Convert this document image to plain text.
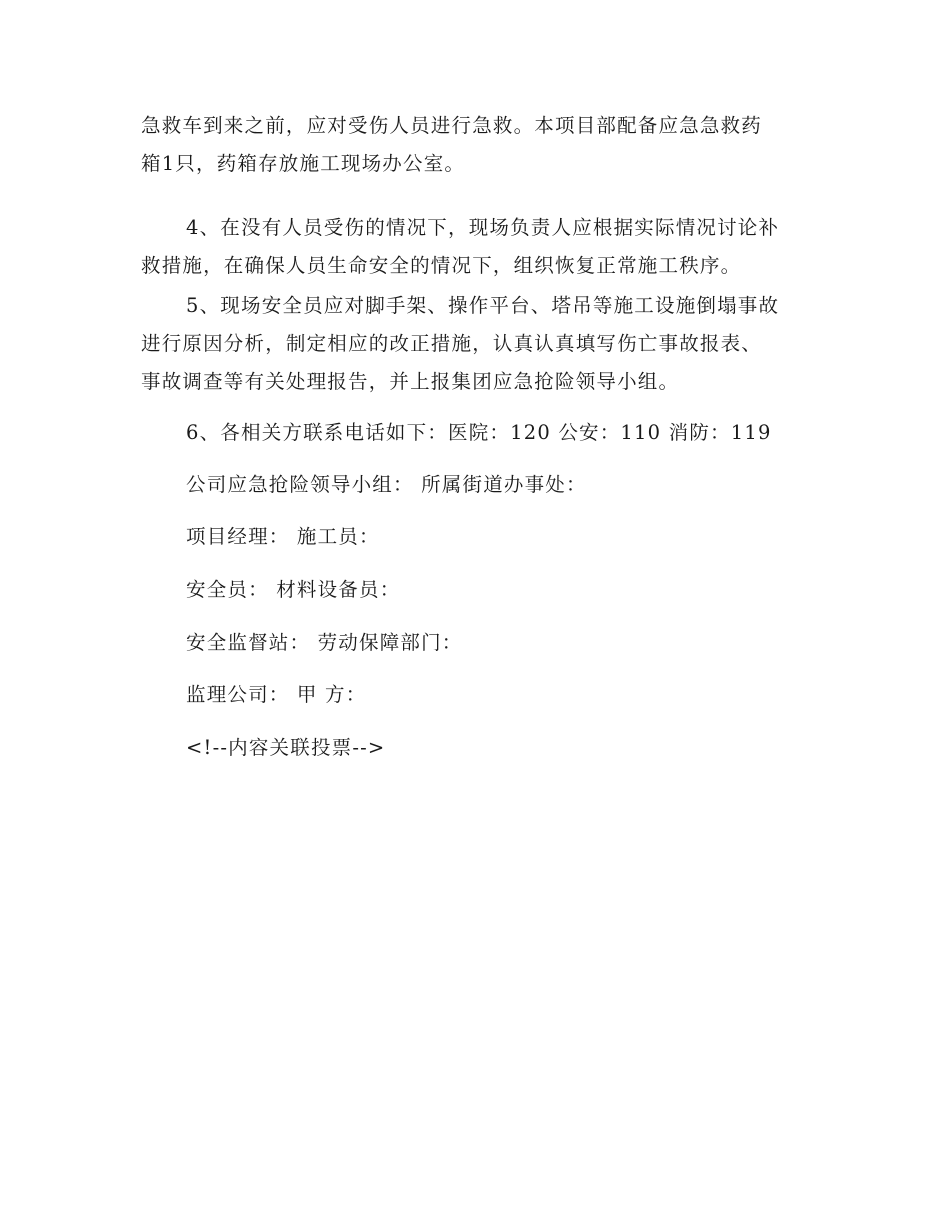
急救车到来之前，应对受伤人员进行急救。本项目部配备应急急救药
箱1只，药箱存放施工现场办公室。

4、在没有人员受伤的情况下，现场负责人应根据实际情况讨论补
救措施，在确保人员生命安全的情况下，组织恢复正常施工秩序。

5、现场安全员应对脚手架、操作平台、塔吊等施工设施倒塌事故
进行原因分析，制定相应的改正措施，认真认真填写伤亡事故报表、
事故调查等有关处理报告，并上报集团应急抢险领导小组。

6、各相关方联系电话如下：医院：120 公安：110 消防：119

公司应急抢险领导小组： 所属街道办事处：

项目经理： 施工员：

安全员： 材料设备员：

安全监督站： 劳动保障部门：

监理公司： 甲 方：

<!--内容关联投票-->
